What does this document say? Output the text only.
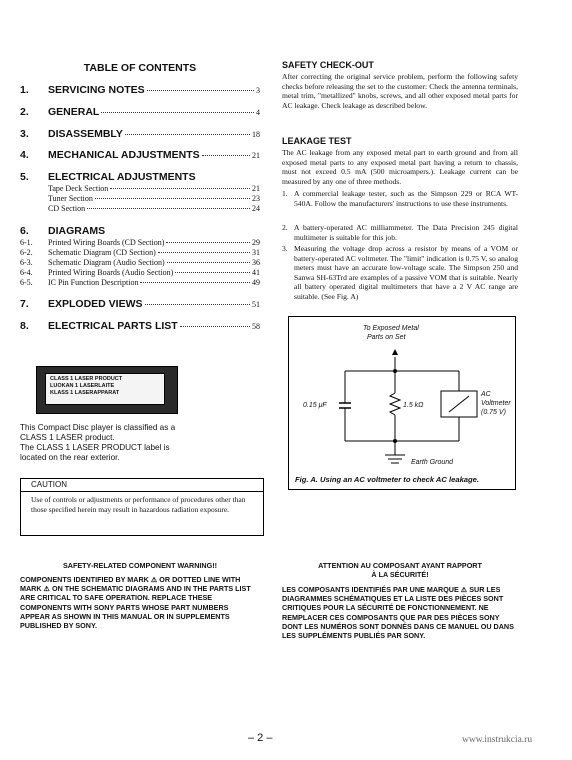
TABLE OF CONTENTS
1.	SERVICING NOTES	3
2.	GENERAL	4
3.	DISASSEMBLY	18
4.	MECHANICAL ADJUSTMENTS	21
5.	ELECTRICAL ADJUSTMENTS
Tape Deck Section	21
Tuner Section	23
CD Section	24
6.	DIAGRAMS
6-1.	Printed Wiring Boards (CD Section)	29
6-2.	Schematic Diagram (CD Section)	31
6-3.	Schematic Diagram (Audio Section)	36
6-4.	Printed Wiring Boards (Audio Section)	41
6-5.	IC Pin Function Description	49
7.	EXPLODED VIEWS	51
8.	ELECTRICAL PARTS LIST	58
CLASS 1 LASER PRODUCT
LUOKAN 1 LASERLAITE
KLASS 1 LASERAPPARAT
This Compact Disc player is classified as a
CLASS 1 LASER product.
The CLASS 1 LASER PRODUCT label is
located on the rear exterior.
CAUTION
Use of controls or adjustments or performance of procedures other than those specified herein may result in hazardous radiation exposure.
SAFETY CHECK-OUT
After correcting the original service problem, perform the following safety checks before releasing the set to the customer: Check the antenna terminals, metal trim, "metallized" knobs, screws, and all other exposed metal parts for AC leakage. Check leakage as described below.
LEAKAGE TEST
The AC leakage from any exposed metal part to earth ground and from all exposed metal parts to any exposed metal part having a return to chassis, must not exceed 0.5 mA (500 microampers.). Leakage current can be measured by any one of three methods.
1. A commercial leakage tester, such as the Simpson 229 or RCA WT-540A. Follow the manufacturers' instructions to use these instruments.
2. A battery-operated AC milliammeter. The Data Precision 245 digital multimeter is suitable for this job.
3. Measuring the voltage drop across a resistor by means of a VOM or battery-operated AC voltmeter. The "limit" indication is 0.75 V, so analog meters must have an accurate low-voltage scale. The Simpson 250 and Sanwa SH-63Trd are examples of a passive VOM that is suitable. Nearly all battery operated digital multimeters that have a 2 V AC range are suitable. (See Fig. A)
To Exposed Metal
Parts on Set
0.15 μF	1.5 kΩ
AC
Voltmeter
(0.75 V)
Earth Ground
Fig. A. Using an AC voltmeter to check AC leakage.
SAFETY-RELATED COMPONENT WARNING!!
COMPONENTS IDENTIFIED BY MARK ⚠ OR DOTTED LINE WITH MARK ⚠ ON THE SCHEMATIC DIAGRAMS AND IN THE PARTS LIST ARE CRITICAL TO SAFE OPERATION. REPLACE THESE COMPONENTS WITH SONY PARTS WHOSE PART NUMBERS APPEAR AS SHOWN IN THIS MANUAL OR IN SUPPLEMENTS PUBLISHED BY SONY.
ATTENTION AU COMPOSANT AYANT RAPPORT
À LA SÉCURITÉ!
LES COMPOSANTS IDENTIFIÉS PAR UNE MARQUE ⚠ SUR LES DIAGRAMMES SCHÉMATIQUES ET LA LISTE DES PIÈCES SONT CRITIQUES POUR LA SÉCURITÉ DE FONCTIONNEMENT. NE REMPLACER CES COMPOSANTS QUE PAR DES PIÈCES SONY DONT LES NUMÉROS SONT DONNÉS DANS CE MANUEL OU DANS LES SUPPLÉMENTS PUBLIÉS PAR SONY.
– 2 –	www.instrukcia.ru
